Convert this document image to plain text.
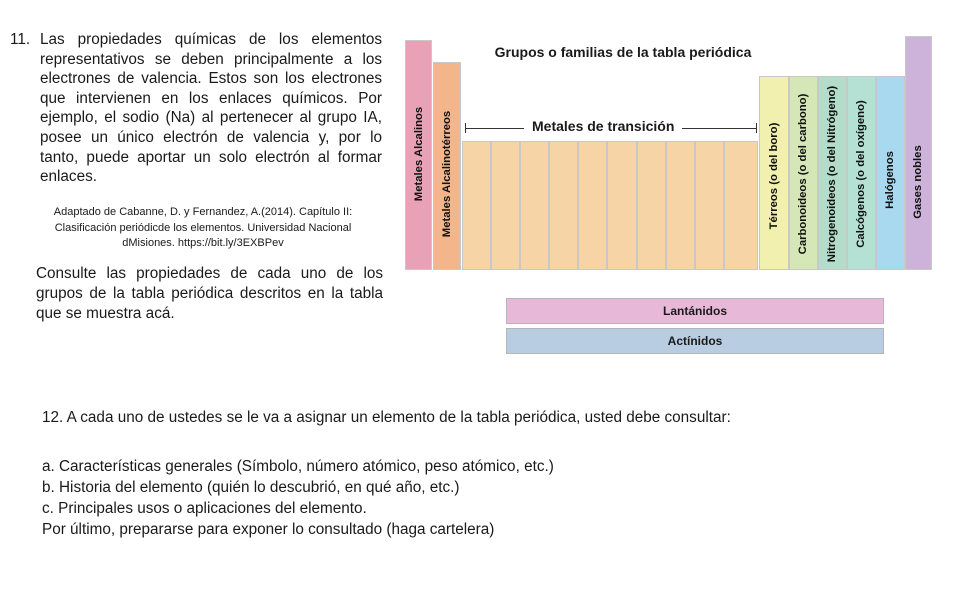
11. Las propiedades químicas de los elementos representativos se deben principalmente a los electrones de valencia. Estos son los electrones que intervienen en los enlaces químicos. Por ejemplo, el sodio (Na) al pertenecer al grupo IA, posee un único electrón de valencia y, por lo tanto, puede aportar un solo electrón al formar enlaces.
Adaptado de Cabanne, D. y Fernandez, A.(2014). Capítulo II: Clasificación periódicde los elementos. Universidad Nacional dMisiones. https://bit.ly/3EXBPev
Consulte las propiedades de cada uno de los grupos de la tabla periódica descritos en la tabla que se muestra acá.
Grupos o familias de la tabla periódica
Metales Alcalinos Metales Alcalinotérreos	Metales de transición	Térreos (o del boro) Carbonoideos (o del carbono) Nitrogenoideos (o del Nitrógeno) Calcógenos (o del oxígeno) Halógenos Gases nobles
Lantánidos
Actínidos
12. A cada uno de ustedes se le va a asignar un elemento de la tabla periódica, usted debe consultar:
a. Características generales (Símbolo, número atómico, peso atómico, etc.)
b. Historia del elemento (quién lo descubrió, en qué año, etc.)
c. Principales usos o aplicaciones del elemento.
Por último, prepararse para exponer lo consultado (haga cartelera)
